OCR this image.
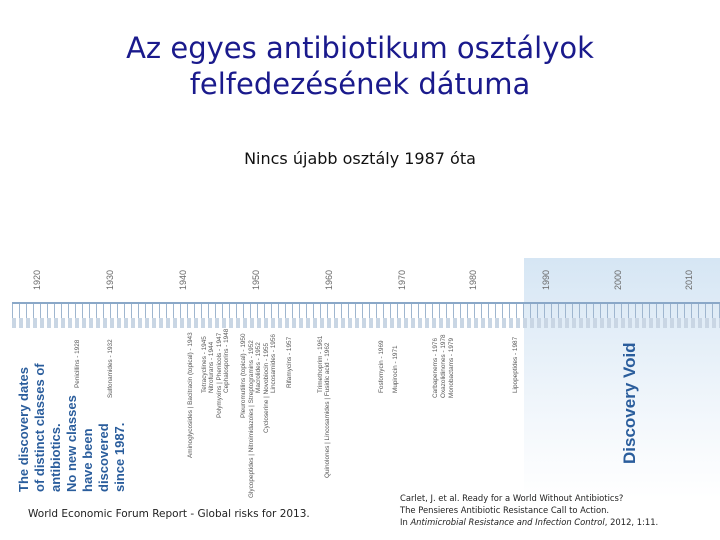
Az egyes antibiotikum osztályok
felfedezésének dátuma
Nincs újabb osztály 1987 óta
1920	1930	1940	1950	1960	1970	1980	1990	2000	2010
Penicillins - 1928	Sulfonamides - 1932	Aminoglycosides | Bacitracin (topical) - 1943 Tetracyclines - 1945 Nitrofurans - 1944 Polymyxins | Phenicols - 1947 Cephalosporins - 1948 Pleuromutilins (topical) - 1950 Glycopeptides | Nitroimidazoles | Streptogramins - 1952 Macrolides - 1952 Cycloserine | Novobiocin - 1955 Lincosamides - 1956 Rifamycins - 1957	Quinolones | Lincosamides | Fusidic acid - 1962
Trimethoprim - 1961	Fosfomycin - 1969 Mupirocin - 1971	Carbapenems - 1976 Oxazolidinones - 1978 Monobactams - 1979	Lipopeptides - 1987
The discovery dates of distinct classes of antibiotics. No new classes have been discovered since 1987.	Discovery Void
World Economic Forum Report - Global risks for 2013.
Carlet, J. et al. Ready for a World Without Antibiotics?
The Pensieres Antibiotic Resistance Call to Action.
In Antimicrobial Resistance and Infection Control, 2012, 1:11.
